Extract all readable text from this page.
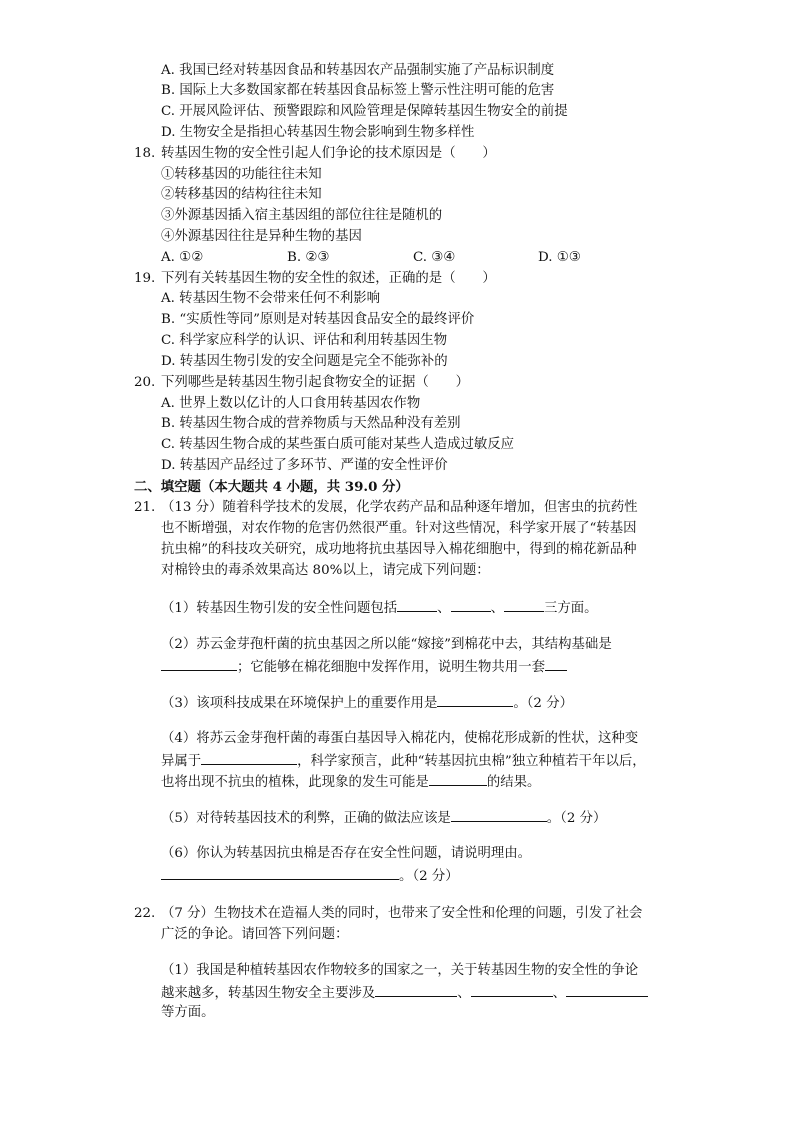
A. 我国已经对转基因食品和转基因农产品强制实施了产品标识制度
B. 国际上大多数国家都在转基因食品标签上警示性注明可能的危害
C. 开展风险评估、预警跟踪和风险管理是保障转基因生物安全的前提
D. 生物安全是指担心转基因生物会影响到生物多样性
18. 转基因生物的安全性引起人们争论的技术原因是（　　）
①转移基因的功能往往未知
②转移基因的结构往往未知
③外源基因插入宿主基因组的部位往往是随机的
④外源基因往往是异种生物的基因
A. ①②	B. ②③	C. ③④	D. ①③
19. 下列有关转基因生物的安全性的叙述，正确的是（　　）
A. 转基因生物不会带来任何不利影响
B. “实质性等同”原则是对转基因食品安全的最终评价
C. 科学家应科学的认识、评估和利用转基因生物
D. 转基因生物引发的安全问题是完全不能弥补的
20. 下列哪些是转基因生物引起食物安全的证据（　　）
A. 世界上数以亿计的人口食用转基因农作物
B. 转基因生物合成的营养物质与天然品种没有差别
C. 转基因生物合成的某些蛋白质可能对某些人造成过敏反应
D. 转基因产品经过了多环节、严谨的安全性评价
二、填空题（本大题共 4 小题，共 39.0 分）
21. （13 分）随着科学技术的发展，化学农药产品和品种逐年增加，但害虫的抗药性
也不断增强，对农作物的危害仍然很严重。针对这些情况，科学家开展了“转基因
抗虫棉”的科技攻关研究，成功地将抗虫基因导入棉花细胞中，得到的棉花新品种
对棉铃虫的毒杀效果高达 80%以上，请完成下列问题：
（1）转基因生物引发的安全性问题包括	、	、	三方面。
（2）苏云金芽孢杆菌的抗虫基因之所以能“嫁接”到棉花中去，其结构基础是
；它能够在棉花细胞中发挥作用，说明生物共用一套
（3）该项科技成果在环境保护上的重要作用是	。（2 分）
（4）将苏云金芽孢杆菌的毒蛋白基因导入棉花内，使棉花形成新的性状，这种变
异属于	，科学家预言，此种“转基因抗虫棉”独立种植若干年以后，
也将出现不抗虫的植株，此现象的发生可能是	的结果。
（5）对待转基因技术的利弊，正确的做法应该是	。（2 分）
（6）你认为转基因抗虫棉是否存在安全性问题，请说明理由。
。（2 分）
22. （7 分）生物技术在造福人类的同时，也带来了安全性和伦理的问题，引发了社会
广泛的争论。请回答下列问题：
（1）我国是种植转基因农作物较多的国家之一，关于转基因生物的安全性的争论
越来越多，转基因生物安全主要涉及	、	、
等方面。
